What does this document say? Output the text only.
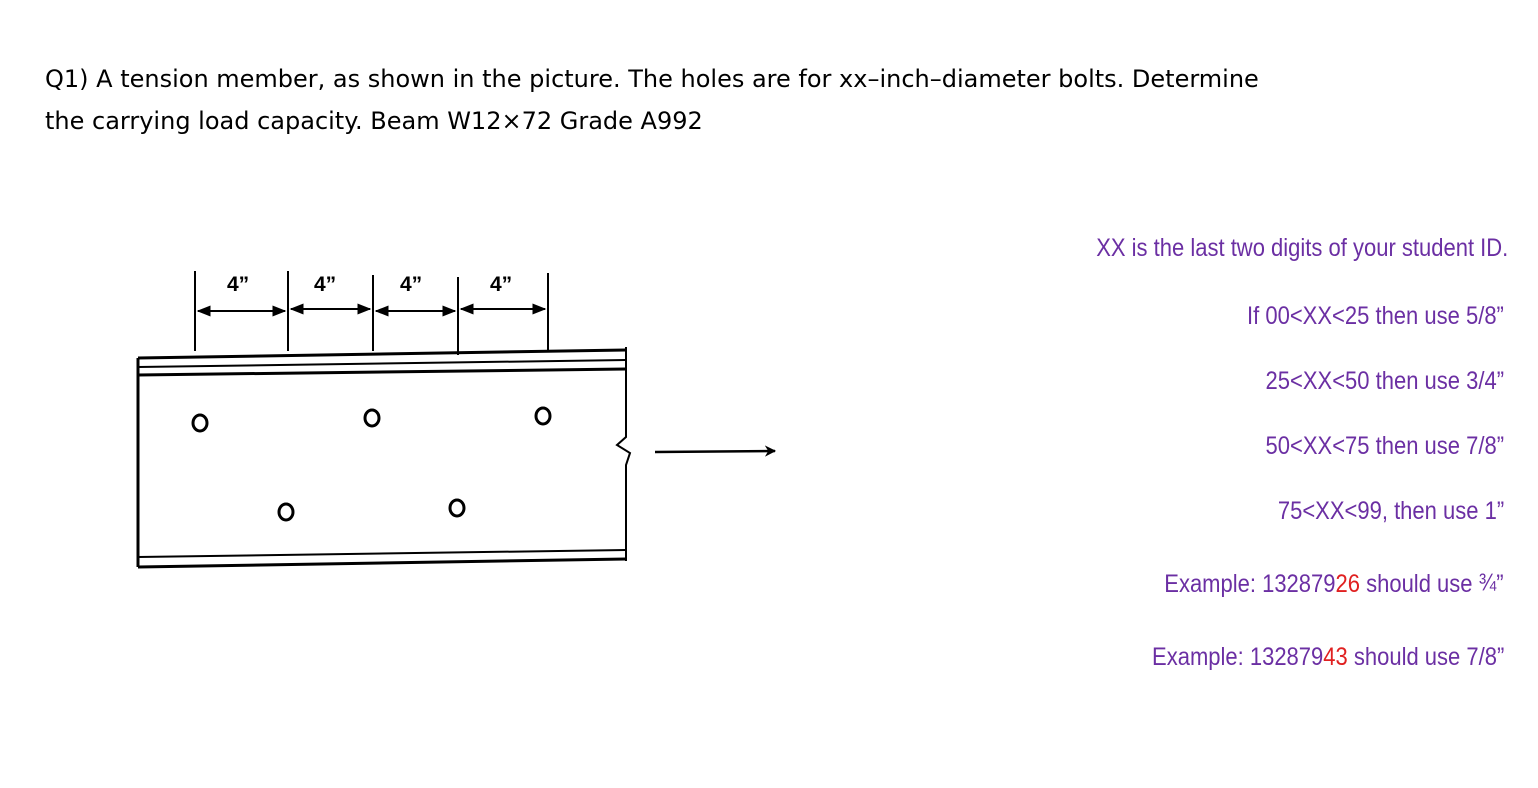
Q1) A tension member, as shown in the picture. The holes are for xx–inch–diameter bolts. Determine
the carrying load capacity. Beam W12×72 Grade A992
4”	4”	4”	4”
XX is the last two digits of your student ID.
If 00<XX<25 then use 5/8”
25<XX<50 then use 3/4”
50<XX<75 then use 7/8”
75<XX<99, then use 1”
Example: 13287926 should use ¾”
Example: 13287943 should use 7/8”
